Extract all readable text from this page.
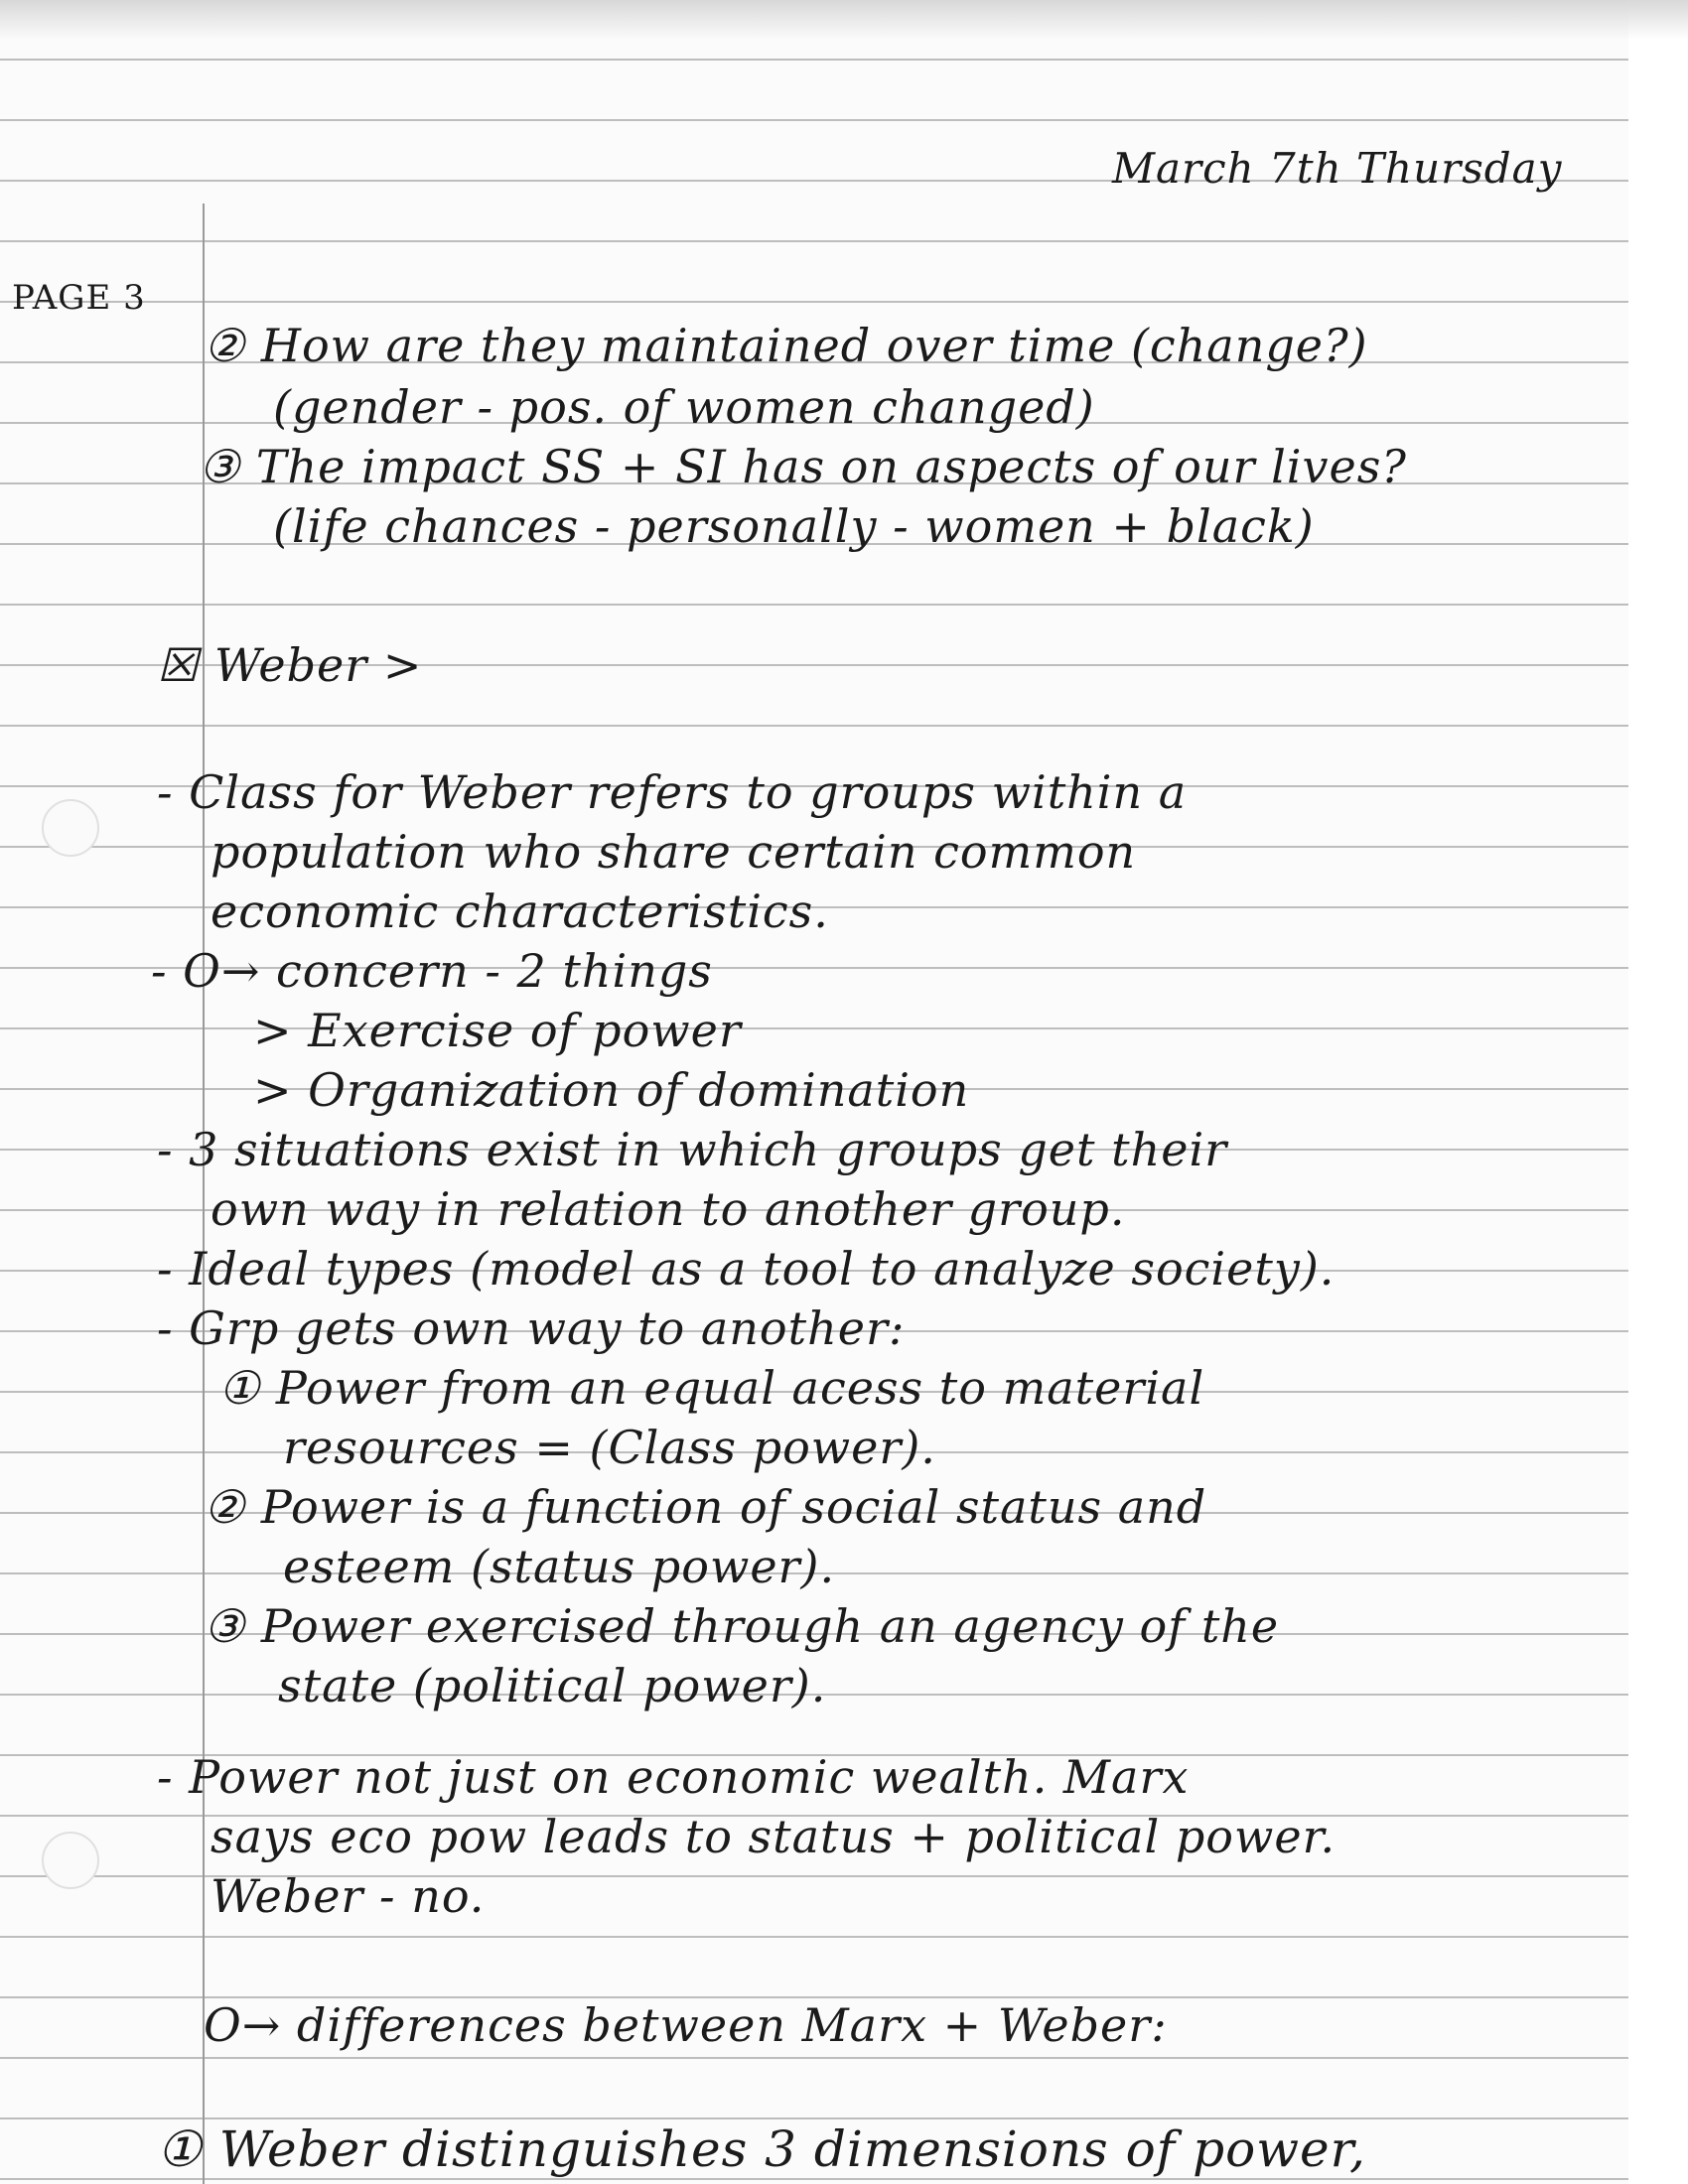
March 7th Thursday

PAGE 3

② How are they maintained over time (change?)

(gender - pos. of women changed)

③ The impact SS + SI has on aspects of our lives?

(life chances - personally - women + black)

☒ Weber >

- Class for Weber refers to groups within a

population who share certain common

economic characteristics.

- O→ concern - 2 things

> Exercise of power

> Organization of domination

- 3 situations exist in which groups get their

own way in relation to another group.

- Ideal types (model as a tool to analyze society).

- Grp gets own way to another:

① Power from an equal acess to material

resources = (Class power).

② Power is a function of social status and

esteem (status power).

③ Power exercised through an agency of the

state (political power).

- Power not just on economic wealth. Marx

says eco pow leads to status + political power.

Weber - no.

O→ differences between Marx + Weber:

① Weber distinguishes 3 dimensions of power,
